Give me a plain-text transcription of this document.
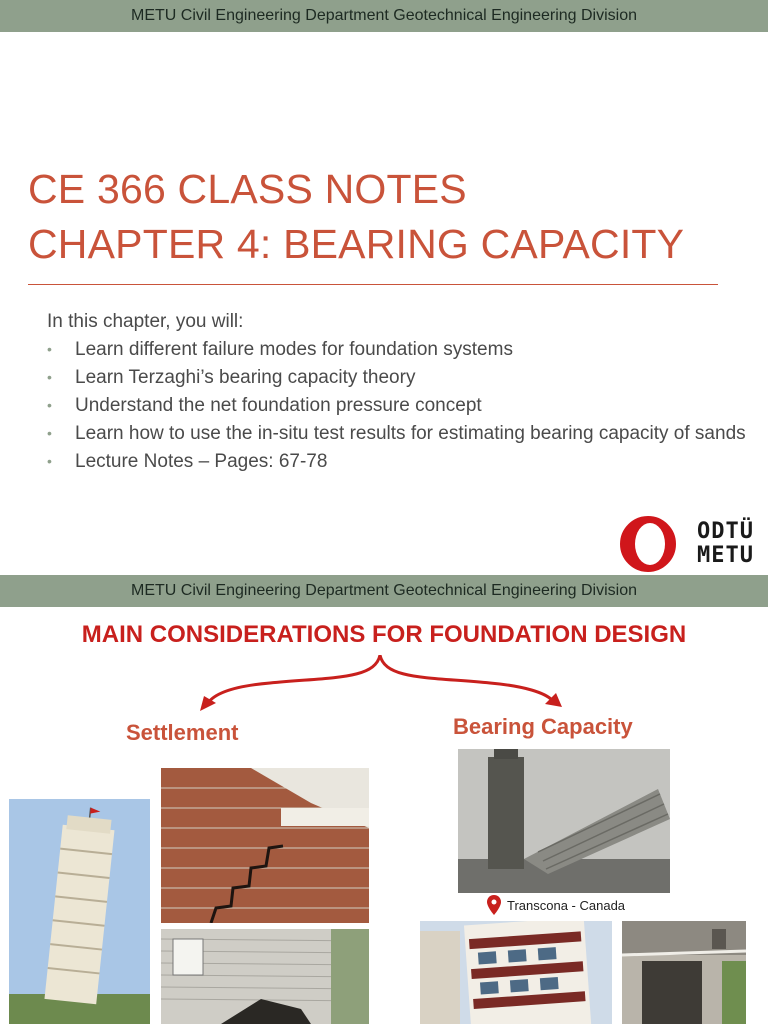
METU Civil Engineering Department Geotechnical Engineering Division
CE 366 CLASS NOTES
CHAPTER 4: BEARING CAPACITY
In this chapter, you will:
• Learn different failure modes for foundation systems
• Learn Terzaghi’s bearing capacity theory
• Understand the net foundation pressure concept
• Learn how to use the in-situ test results for estimating bearing capacity of sands
• Lecture Notes – Pages: 67-78
ODTÜ
METU
METU Civil Engineering Department Geotechnical Engineering Division
MAIN CONSIDERATIONS FOR FOUNDATION DESIGN
Settlement	Bearing Capacity
Transcona - Canada
